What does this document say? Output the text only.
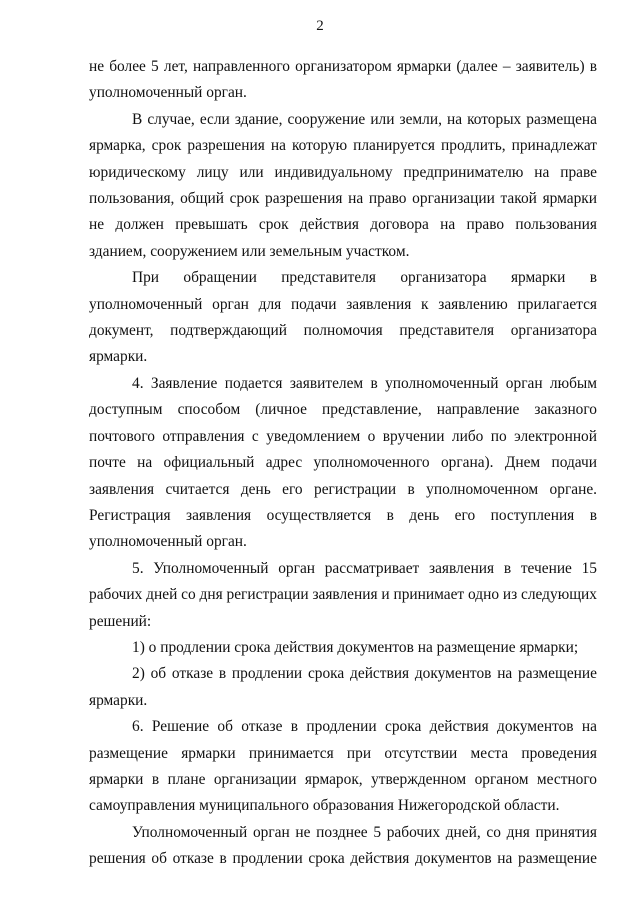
2

не более 5 лет, направленного организатором ярмарки (далее – заявитель) в уполномоченный орган.

В случае, если здание, сооружение или земли, на которых размещена ярмарка, срок разрешения на которую планируется продлить, принадлежат юридическому лицу или индивидуальному предпринимателю на праве пользования, общий срок разрешения на право организации такой ярмарки не должен превышать срок действия договора на право пользования зданием, сооружением или земельным участком.

При обращении представителя организатора ярмарки в уполномоченный орган для подачи заявления к заявлению прилагается документ, подтверждающий полномочия представителя организатора ярмарки.

4. Заявление подается заявителем в уполномоченный орган любым доступным способом (личное представление, направление заказного почтового отправления с уведомлением о вручении либо по электронной почте на официальный адрес уполномоченного органа). Днем подачи заявления считается день его регистрации в уполномоченном органе. Регистрация заявления осуществляется в день его поступления в уполномоченный орган.

5. Уполномоченный орган рассматривает заявления в течение 15 рабочих дней со дня регистрации заявления и принимает одно из следующих решений:

1) о продлении срока действия документов на размещение ярмарки;

2) об отказе в продлении срока действия документов на размещение ярмарки.

6. Решение об отказе в продлении срока действия документов на размещение ярмарки принимается при отсутствии места проведения ярмарки в плане организации ярмарок, утвержденном органом местного самоуправления муниципального образования Нижегородской области.

Уполномоченный орган не позднее 5 рабочих дней, со дня принятия решения об отказе в продлении срока действия документов на размещение
